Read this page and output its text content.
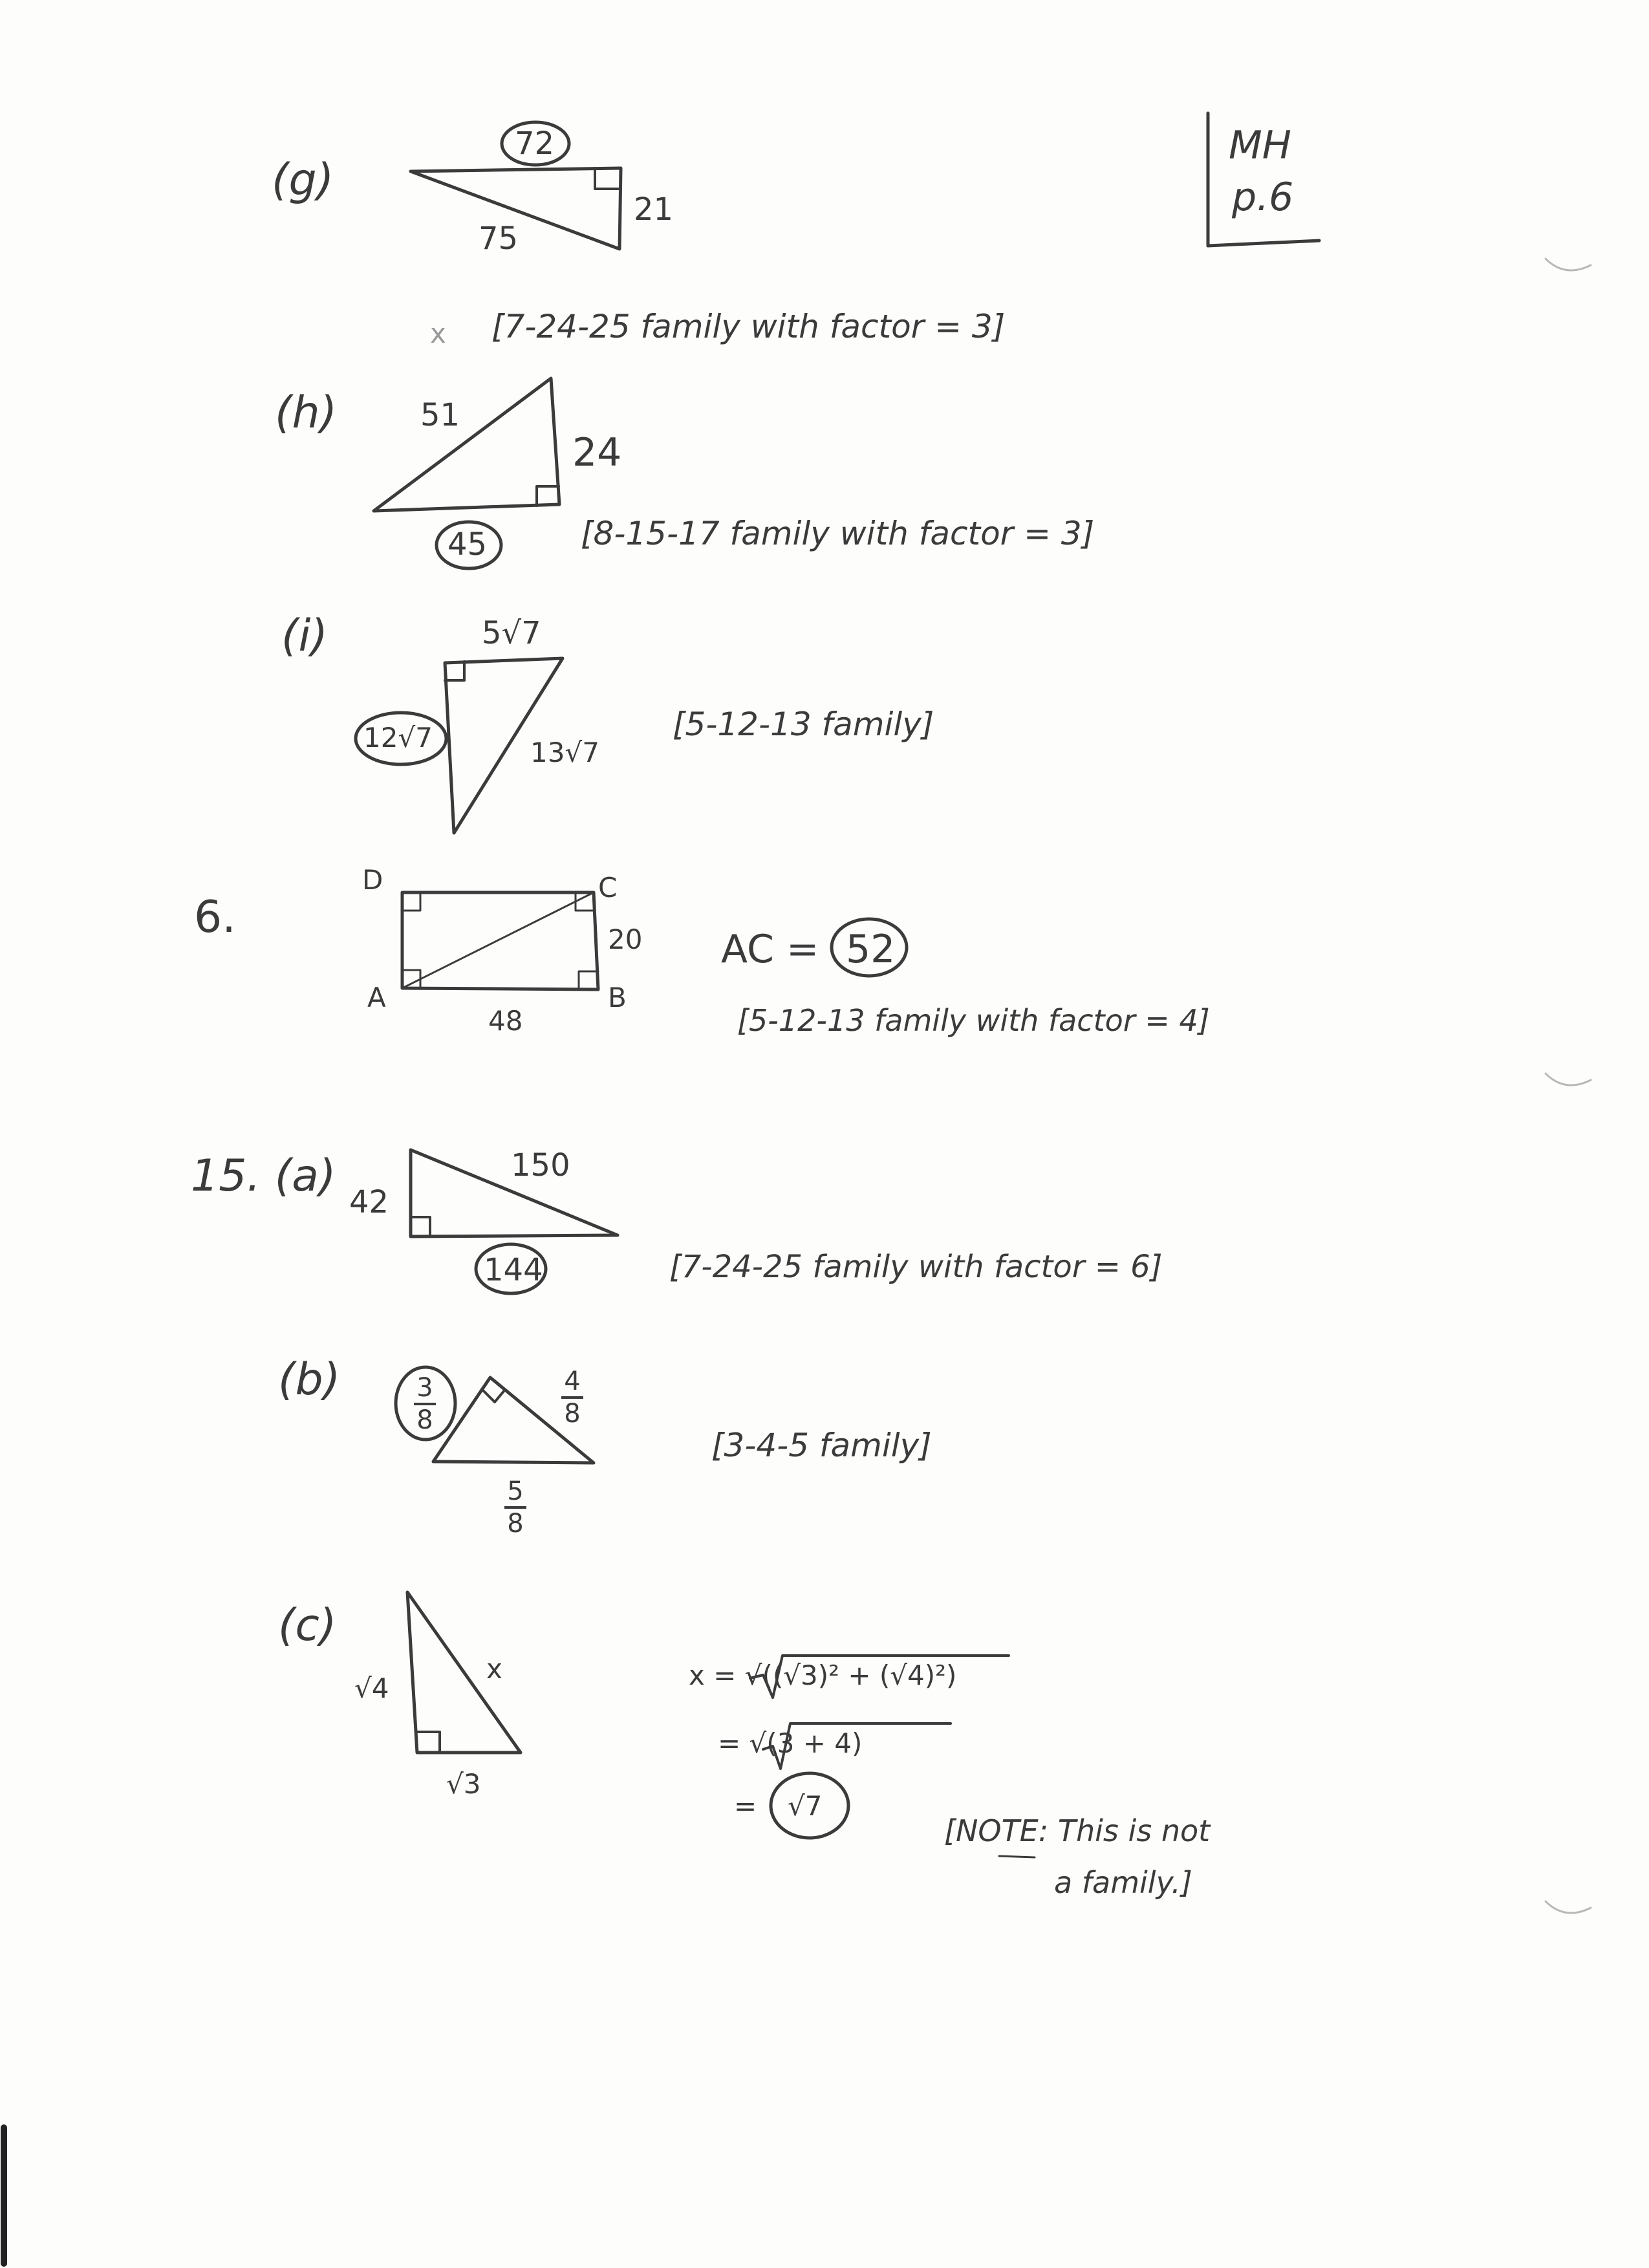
MH
p.6
(g)
72
75
21
x [7-24-25 family with factor = 3]
(h)	51
24
45	[8-15-17 family with factor = 3]
(i)	5√7
12√7	13√7
[5-12-13 family]
6.
D	C
A	B
20
48
AC = 52
[5-12-13 family with factor = 4]
15. (a)
42
150
144	[7-24-25 family with factor = 6]
(b)	3
8
4
8
5
8
[3-4-5 family]
(c)
√4
x
√3
x = √((√3)² + (√4)²)
= √(3 + 4)
= √7
[NOTE: This is not
a family.]
